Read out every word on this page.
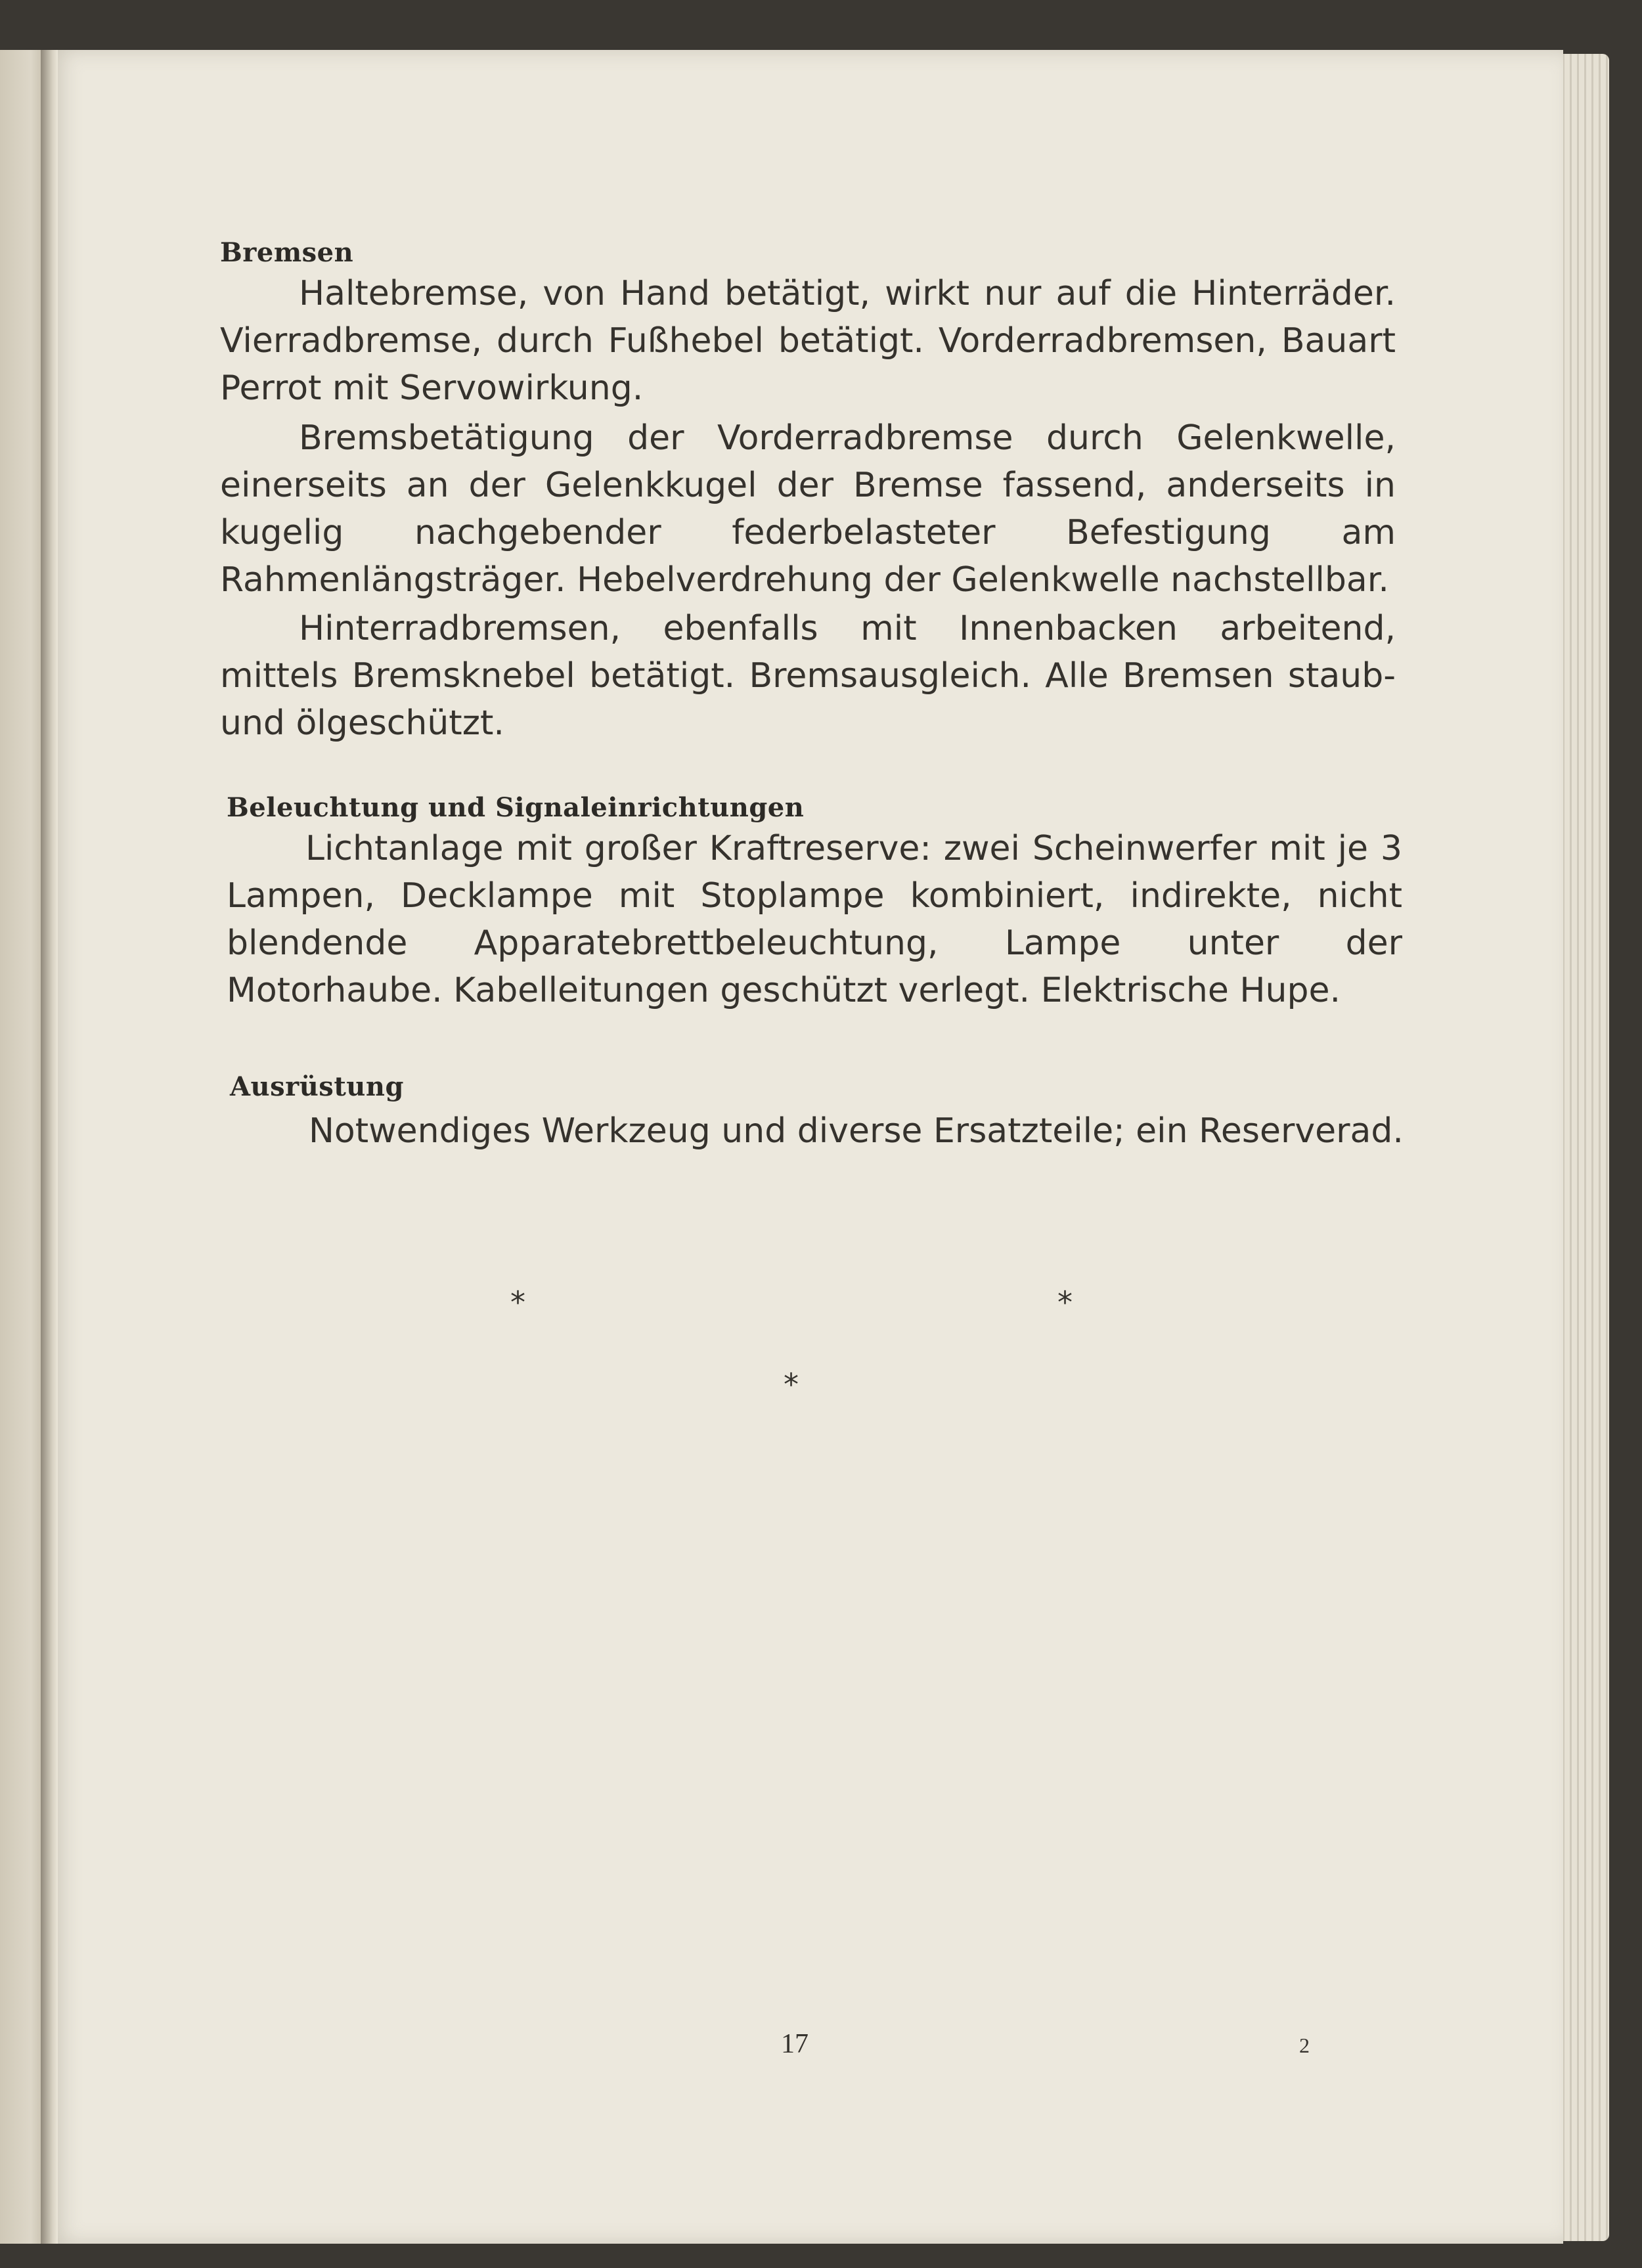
Bremsen

Haltebremse, von Hand betätigt, wirkt nur auf die Hinterräder. Vierradbremse, durch Fußhebel betätigt. Vorderradbremsen, Bauart Perrot mit Servowirkung.

Bremsbetätigung der Vorderradbremse durch Gelenkwelle, einerseits an der Gelenkkugel der Bremse fassend, anderseits in kugelig nachgebender federbelasteter Befestigung am Rahmenlängsträger. Hebelverdrehung der Gelenkwelle nachstellbar.

Hinterradbremsen, ebenfalls mit Innenbacken arbeitend, mittels Bremsknebel betätigt. Bremsausgleich. Alle Bremsen staub- und ölgeschützt.

Beleuchtung und Signaleinrichtungen

Lichtanlage mit großer Kraftreserve: zwei Scheinwerfer mit je 3 Lampen, Decklampe mit Stoplampe kombiniert, indirekte, nicht blendende Apparatebrettbeleuchtung, Lampe unter der Motorhaube. Kabelleitungen geschützt verlegt. Elektrische Hupe.

Ausrüstung

Notwendiges Werkzeug und diverse Ersatzteile; ein Reserverad.

*	*
*
17	2
